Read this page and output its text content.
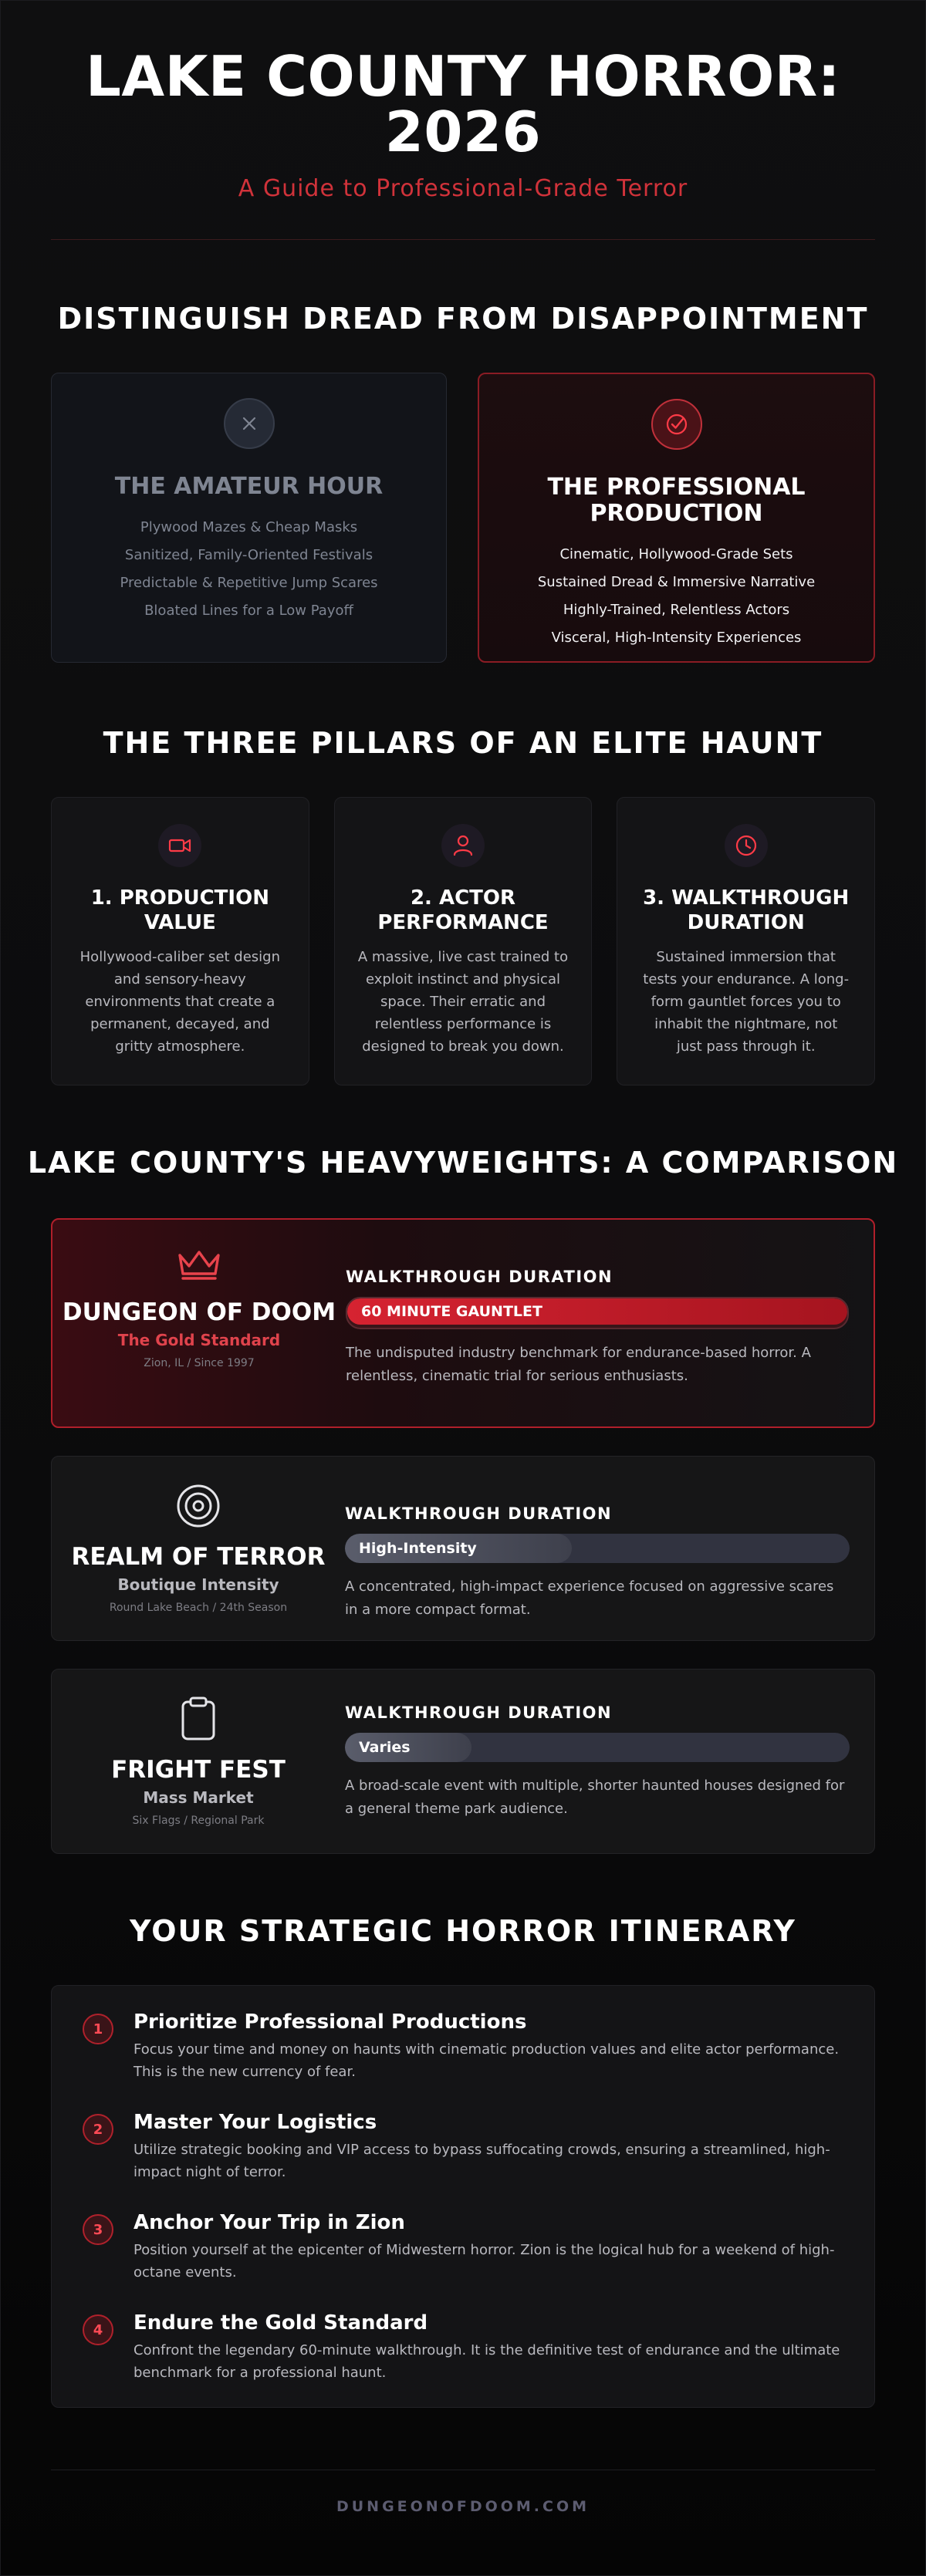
LAKE COUNTY HORROR: 2026
A Guide to Professional-Grade Terror
DISTINGUISH DREAD FROM DISAPPOINTMENT
THE AMATEUR HOUR
Plywood Mazes & Cheap Masks
Sanitized, Family-Oriented Festivals
Predictable & Repetitive Jump Scares
Bloated Lines for a Low Payoff
THE PROFESSIONAL PRODUCTION
Cinematic, Hollywood-Grade Sets
Sustained Dread & Immersive Narrative
Highly-Trained, Relentless Actors
Visceral, High-Intensity Experiences
THE THREE PILLARS OF AN ELITE HAUNT
1. PRODUCTION VALUE
Hollywood-caliber set design and sensory-heavy environments that create a permanent, decayed, and gritty atmosphere.
2. ACTOR PERFORMANCE
A massive, live cast trained to exploit instinct and physical space. Their erratic and relentless performance is designed to break you down.
3. WALKTHROUGH DURATION
Sustained immersion that tests your endurance. A long-form gauntlet forces you to inhabit the nightmare, not just pass through it.
LAKE COUNTY'S HEAVYWEIGHTS: A COMPARISON
DUNGEON OF DOOM
The Gold Standard
Zion, IL / Since 1997
WALKTHROUGH DURATION
60 MINUTE GAUNTLET
The undisputed industry benchmark for endurance-based horror. A relentless, cinematic trial for serious enthusiasts.
REALM OF TERROR
Boutique Intensity
Round Lake Beach / 24th Season
WALKTHROUGH DURATION
High-Intensity
A concentrated, high-impact experience focused on aggressive scares in a more compact format.
FRIGHT FEST
Mass Market
Six Flags / Regional Park
WALKTHROUGH DURATION
Varies
A broad-scale event with multiple, shorter haunted houses designed for a general theme park audience.
YOUR STRATEGIC HORROR ITINERARY
1	Prioritize Professional Productions
Focus your time and money on haunts with cinematic production values and elite actor performance. This is the new currency of fear.
2	Master Your Logistics
Utilize strategic booking and VIP access to bypass suffocating crowds, ensuring a streamlined, high-impact night of terror.
3	Anchor Your Trip in Zion
Position yourself at the epicenter of Midwestern horror. Zion is the logical hub for a weekend of high-octane events.
4	Endure the Gold Standard
Confront the legendary 60-minute walkthrough. It is the definitive test of endurance and the ultimate benchmark for a professional haunt.
DUNGEONOFDOOM.COM
